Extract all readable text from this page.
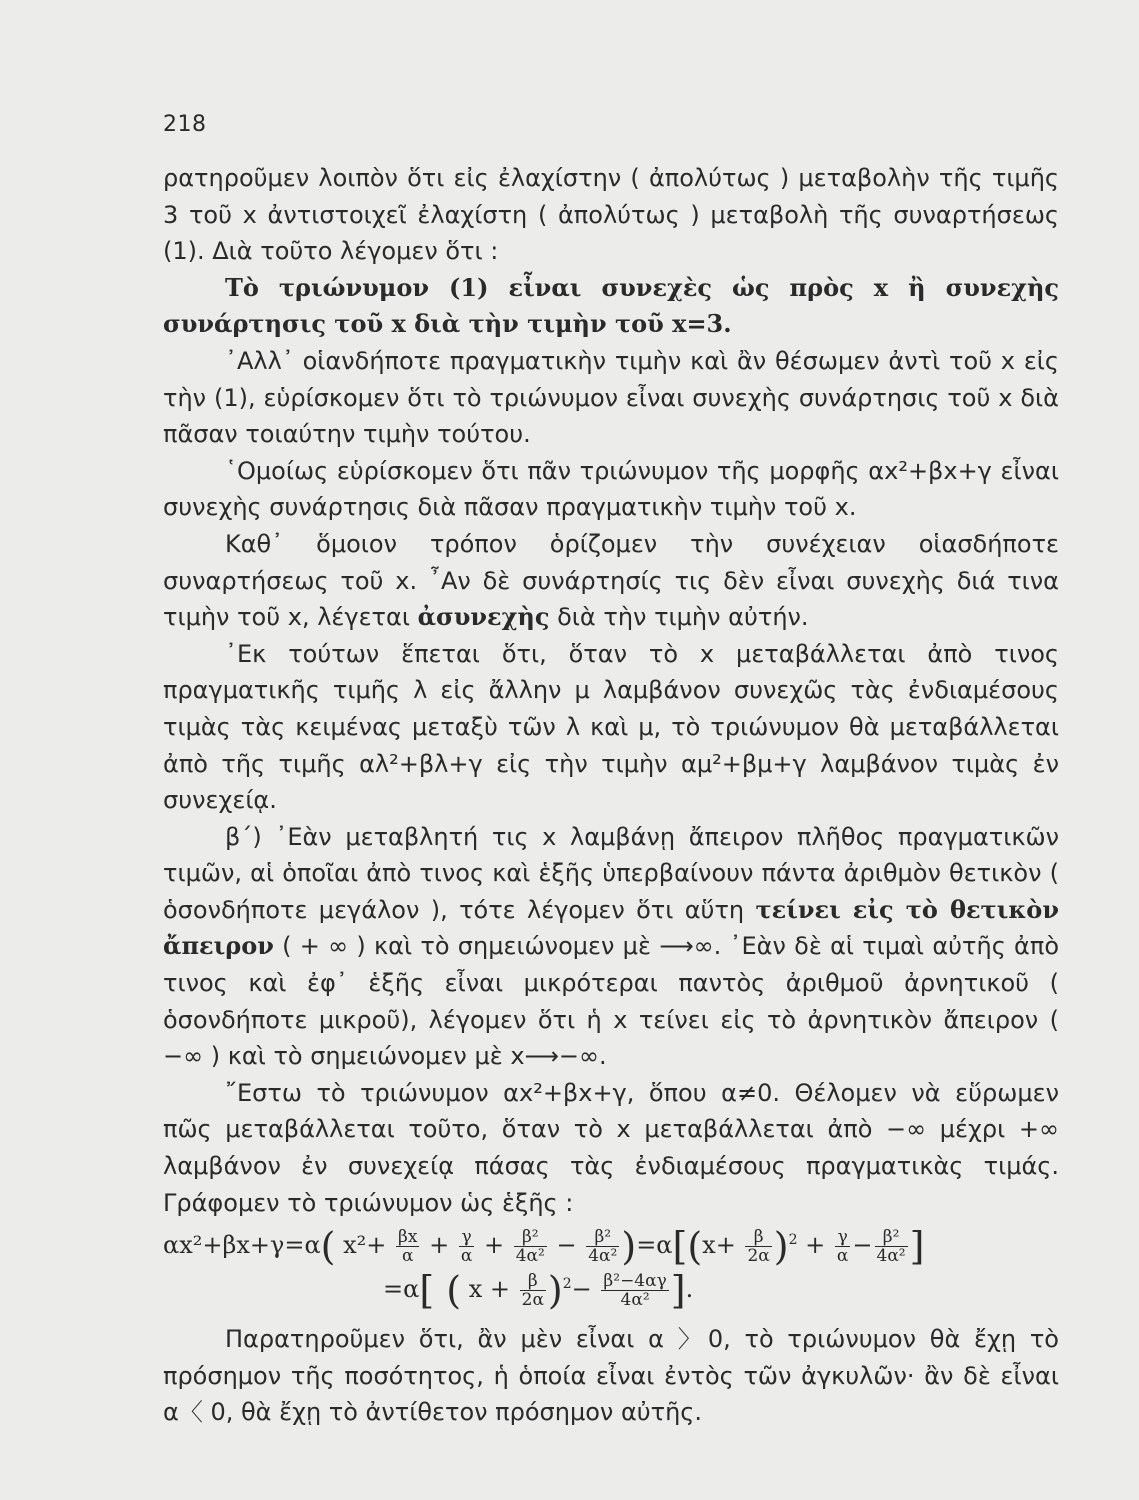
218

ρατηροῦμεν λοιπὸν ὅτι εἰς ἐλαχίστην ( ἀπολύτως ) μεταβολὴν τῆς τιμῆς 3 τοῦ x ἀντιστοιχεῖ ἐλαχίστη ( ἀπολύτως ) μεταβολὴ τῆς συναρτήσεως (1). Διὰ τοῦτο λέγομεν ὅτι :

Τὸ τριώνυμον (1) εἶναι συνεχὲς ὡς πρὸς x ἢ συνεχὴς συνάρτησις τοῦ x διὰ τὴν τιμὴν τοῦ x=3.

᾿Αλλ᾿ οἱανδήποτε πραγματικὴν τιμὴν καὶ ἂν θέσωμεν ἀντὶ τοῦ x εἰς τὴν (1), εὑρίσκομεν ὅτι τὸ τριώνυμον εἶναι συνεχὴς συνάρτησις τοῦ x διὰ πᾶσαν τοιαύτην τιμὴν τούτου.

῾Ομοίως εὑρίσκομεν ὅτι πᾶν τριώνυμον τῆς μορφῆς αx²+βx+γ εἶναι συνεχὴς συνάρτησις διὰ πᾶσαν πραγματικὴν τιμὴν τοῦ x.

Καθ᾿ ὅμοιον τρόπον ὁρίζομεν τὴν συνέχειαν οἱασδήποτε συναρτήσεως τοῦ x. ῏Αν δὲ συνάρτησίς τις δὲν εἶναι συνεχὴς διά τινα τιμὴν τοῦ x, λέγεται ἀσυνεχὴς διὰ τὴν τιμὴν αὐτήν.

᾿Εκ τούτων ἕπεται ὅτι, ὅταν τὸ x μεταβάλλεται ἀπὸ τινος πραγματικῆς τιμῆς λ εἰς ἄλλην μ λαμβάνον συνεχῶς τὰς ἐνδιαμέσους τιμὰς τὰς κειμένας μεταξὺ τῶν λ καὶ μ, τὸ τριώνυμον θὰ μεταβάλλεται ἀπὸ τῆς τιμῆς αλ²+βλ+γ εἰς τὴν τιμὴν αμ²+βμ+γ λαμβάνον τιμὰς ἐν συνεχείᾳ.

β΄) ᾿Εὰν μεταβλητή τις x λαμβάνῃ ἄπειρον πλῆθος πραγματικῶν τιμῶν, αἱ ὁποῖαι ἀπὸ τινος καὶ ἑξῆς ὑπερβαίνουν πάντα ἀριθμὸν θετικὸν ( ὁσονδήποτε μεγάλον ), τότε λέγομεν ὅτι αὕτη τείνει εἰς τὸ θετικὸν ἄπειρον ( + ∞ ) καὶ τὸ σημειώνομεν μὲ ⟶∞. ᾿Εὰν δὲ αἱ τιμαὶ αὐτῆς ἀπὸ τινος καὶ ἐφ᾿ ἑξῆς εἶναι μικρότεραι παντὸς ἀριθμοῦ ἀρνητικοῦ ( ὁσονδήποτε μικροῦ), λέγομεν ὅτι ἡ x τείνει εἰς τὸ ἀρνητικὸν ἄπειρον ( −∞ ) καὶ τὸ σημειώνομεν μὲ x⟶−∞.

῎Εστω τὸ τριώνυμον αx²+βx+γ, ὅπου α≠0. Θέλομεν νὰ εὕρωμεν πῶς μεταβάλλεται τοῦτο, ὅταν τὸ x μεταβάλλεται ἀπὸ −∞ μέχρι +∞ λαμβάνον ἐν συνεχείᾳ πάσας τὰς ἐνδιαμέσους πραγματικὰς τιμάς. Γράφομεν τὸ τριώνυμον ὡς ἑξῆς :

αx²+βx+γ=α( $x^2+ \frac{\beta x}{\alpha} + \frac{\gamma}{\alpha} + \frac{\text{β²}}{\text{4α²}} - \frac{\text{β²}}{\text{4α²}} )=\alpha[(x+ \frac{\beta}{2\alpha} )^2 + \frac{\gamma}{\alpha} - \frac{\text{β²}}{\text{4α²}}$ ]
=α[ ( $x + \frac{\beta}{2\alpha} )^2- \frac{\text{β²−4αγ}}{\text{4α²}}$ ].

Παρατηροῦμεν ὅτι, ἂν μὲν εἶναι α 〉0, τὸ τριώνυμον θὰ ἔχῃ τὸ πρόσημον τῆς ποσότητος, ἡ ὁποία εἶναι ἐντὸς τῶν ἀγκυλῶν· ἂν δὲ εἶναι α〈 0, θὰ ἔχῃ τὸ ἀντίθετον πρόσημον αὐτῆς.
